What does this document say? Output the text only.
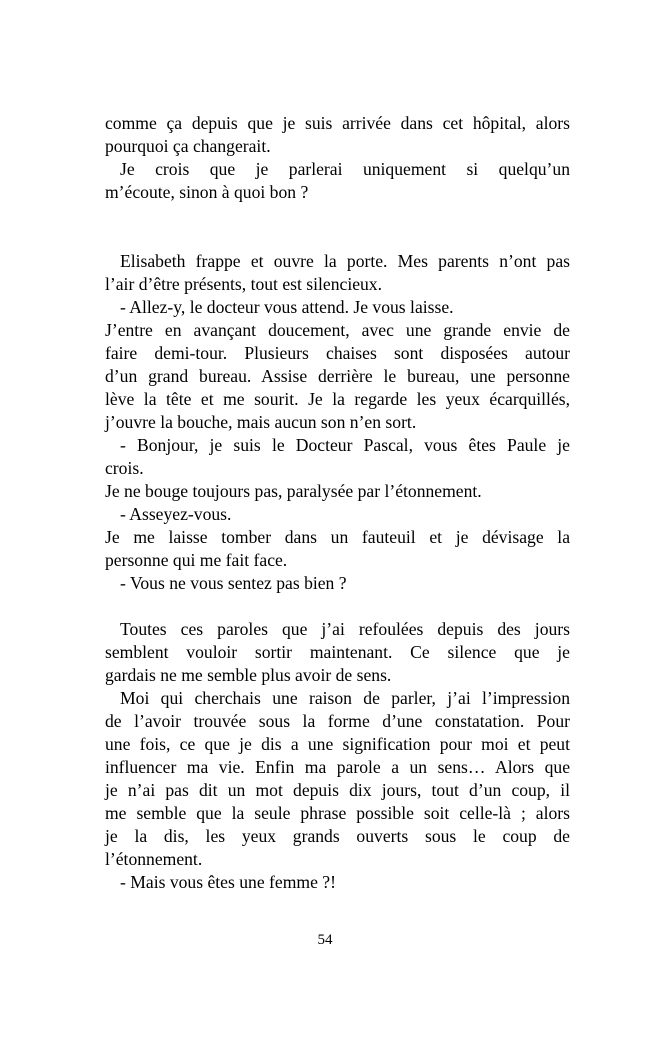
comme ça depuis que je suis arrivée dans cet hôpital, alors
pourquoi ça changerait.
Je crois que je parlerai uniquement si quelqu’un
m’écoute, sinon à quoi bon ?
Elisabeth frappe et ouvre la porte. Mes parents n’ont pas
l’air d’être présents, tout est silencieux.
- Allez-y, le docteur vous attend. Je vous laisse.
J’entre en avançant doucement, avec une grande envie de
faire demi-tour. Plusieurs chaises sont disposées autour
d’un grand bureau. Assise derrière le bureau, une personne
lève la tête et me sourit. Je la regarde les yeux écarquillés,
j’ouvre la bouche, mais aucun son n’en sort.
- Bonjour, je suis le Docteur Pascal, vous êtes Paule je
crois.
Je ne bouge toujours pas, paralysée par l’étonnement.
- Asseyez-vous.
Je me laisse tomber dans un fauteuil et je dévisage la
personne qui me fait face.
- Vous ne vous sentez pas bien ?
Toutes ces paroles que j’ai refoulées depuis des jours
semblent vouloir sortir maintenant. Ce silence que je
gardais ne me semble plus avoir de sens.
Moi qui cherchais une raison de parler, j’ai l’impression
de l’avoir trouvée sous la forme d’une constatation. Pour
une fois, ce que je dis a une signification pour moi et peut
influencer ma vie. Enfin ma parole a un sens… Alors que
je n’ai pas dit un mot depuis dix jours, tout d’un coup, il
me semble que la seule phrase possible soit celle-là ; alors
je la dis, les yeux grands ouverts sous le coup de
l’étonnement.
- Mais vous êtes une femme ?!
54
